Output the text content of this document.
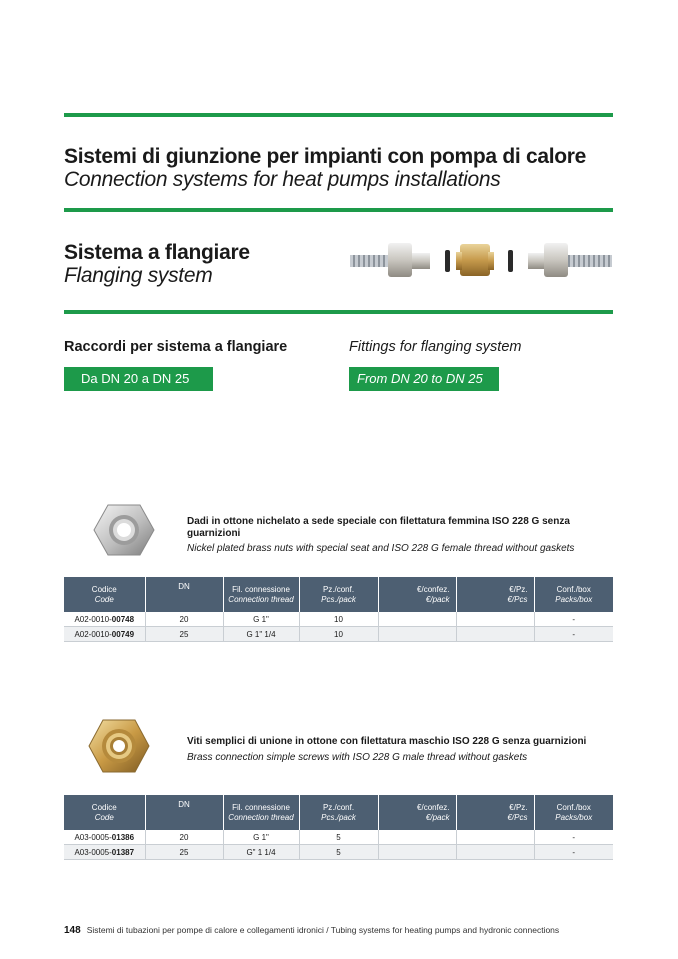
Sistemi di giunzione per impianti con pompa di calore
Connection systems for heat pumps installations
Sistema a flangiare
Flanging system
Raccordi per sistema a flangiare	Fittings for flanging system
Da DN 20 a DN 25	From DN 20 to DN 25
Dadi in ottone nichelato a sede speciale con filettatura femmina ISO 228 G senza guarnizioni
Nickel plated brass nuts with special seat and ISO 228 G female thread without gaskets
Codice
Code	DN	Fil. connessione
Connection thread	Pz./conf.
Pcs./pack	€/confez.
€/pack	€/Pz.
€/Pcs	Conf./box
Packs/box

A02-0010-00748	20	G 1"	10			-
A02-0010-00749	25	G 1" 1/4	10			-
Viti semplici di unione in ottone con filettatura maschio ISO 228 G senza guarnizioni
Brass connection simple screws with ISO 228 G male thread without gaskets
Codice
Code	DN	Fil. connessione
Connection thread	Pz./conf.
Pcs./pack	€/confez.
€/pack	€/Pz.
€/Pcs	Conf./box
Packs/box

A03-0005-01386	20	G 1"	5			-
A03-0005-01387	25	G" 1 1/4	5			-
148 Sistemi di tubazioni per pompe di calore e collegamenti idronici / Tubing systems for heating pumps and hydronic connections
